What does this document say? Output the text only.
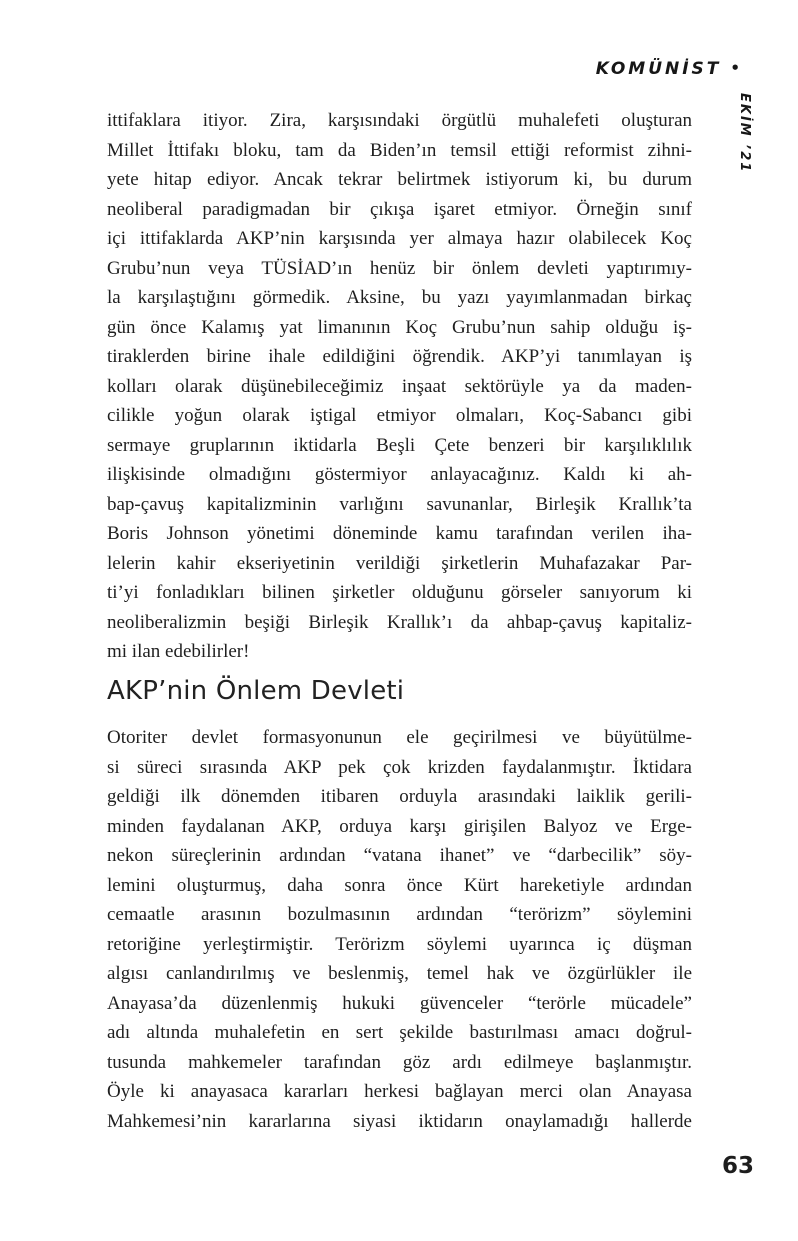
KOMÜNİST •
EKİM ’21
ittifaklara itiyor. Zira, karşısındaki örgütlü muhalefeti oluşturan
Millet İttifakı bloku, tam da Biden’ın temsil ettiği reformist zihni-
yete hitap ediyor. Ancak tekrar belirtmek istiyorum ki, bu durum
neoliberal paradigmadan bir çıkışa işaret etmiyor. Örneğin sınıf
içi ittifaklarda AKP’nin karşısında yer almaya hazır olabilecek Koç
Grubu’nun veya TÜSİAD’ın henüz bir önlem devleti yaptırımıy-
la karşılaştığını görmedik. Aksine, bu yazı yayımlanmadan birkaç
gün önce Kalamış yat limanının Koç Grubu’nun sahip olduğu iş-
tiraklerden birine ihale edildiğini öğrendik. AKP’yi tanımlayan iş
kolları olarak düşünebileceğimiz inşaat sektörüyle ya da maden-
cilikle yoğun olarak iştigal etmiyor olmaları, Koç-Sabancı gibi
sermaye gruplarının iktidarla Beşli Çete benzeri bir karşılıklılık
ilişkisinde olmadığını göstermiyor anlayacağınız. Kaldı ki ah-
bap-çavuş kapitalizminin varlığını savunanlar, Birleşik Krallık’ta
Boris Johnson yönetimi döneminde kamu tarafından verilen iha-
lelerin kahir ekseriyetinin verildiği şirketlerin Muhafazakar Par-
ti’yi fonladıkları bilinen şirketler olduğunu görseler sanıyorum ki
neoliberalizmin beşiği Birleşik Krallık’ı da ahbap-çavuş kapitaliz-
mi ilan edebilirler!
AKP’nin Önlem Devleti
Otoriter devlet formasyonunun ele geçirilmesi ve büyütülme-
si süreci sırasında AKP pek çok krizden faydalanmıştır. İktidara
geldiği ilk dönemden itibaren orduyla arasındaki laiklik gerili-
minden faydalanan AKP, orduya karşı girişilen Balyoz ve Erge-
nekon süreçlerinin ardından “vatana ihanet” ve “darbecilik” söy-
lemini oluşturmuş, daha sonra önce Kürt hareketiyle ardından
cemaatle arasının bozulmasının ardından “terörizm” söylemini
retoriğine yerleştirmiştir. Terörizm söylemi uyarınca iç düşman
algısı canlandırılmış ve beslenmiş, temel hak ve özgürlükler ile
Anayasa’da düzenlenmiş hukuki güvenceler “terörle mücadele”
adı altında muhalefetin en sert şekilde bastırılması amacı doğrul-
tusunda mahkemeler tarafından göz ardı edilmeye başlanmıştır.
Öyle ki anayasaca kararları herkesi bağlayan merci olan Anayasa
Mahkemesi’nin kararlarına siyasi iktidarın onaylamadığı hallerde
63
